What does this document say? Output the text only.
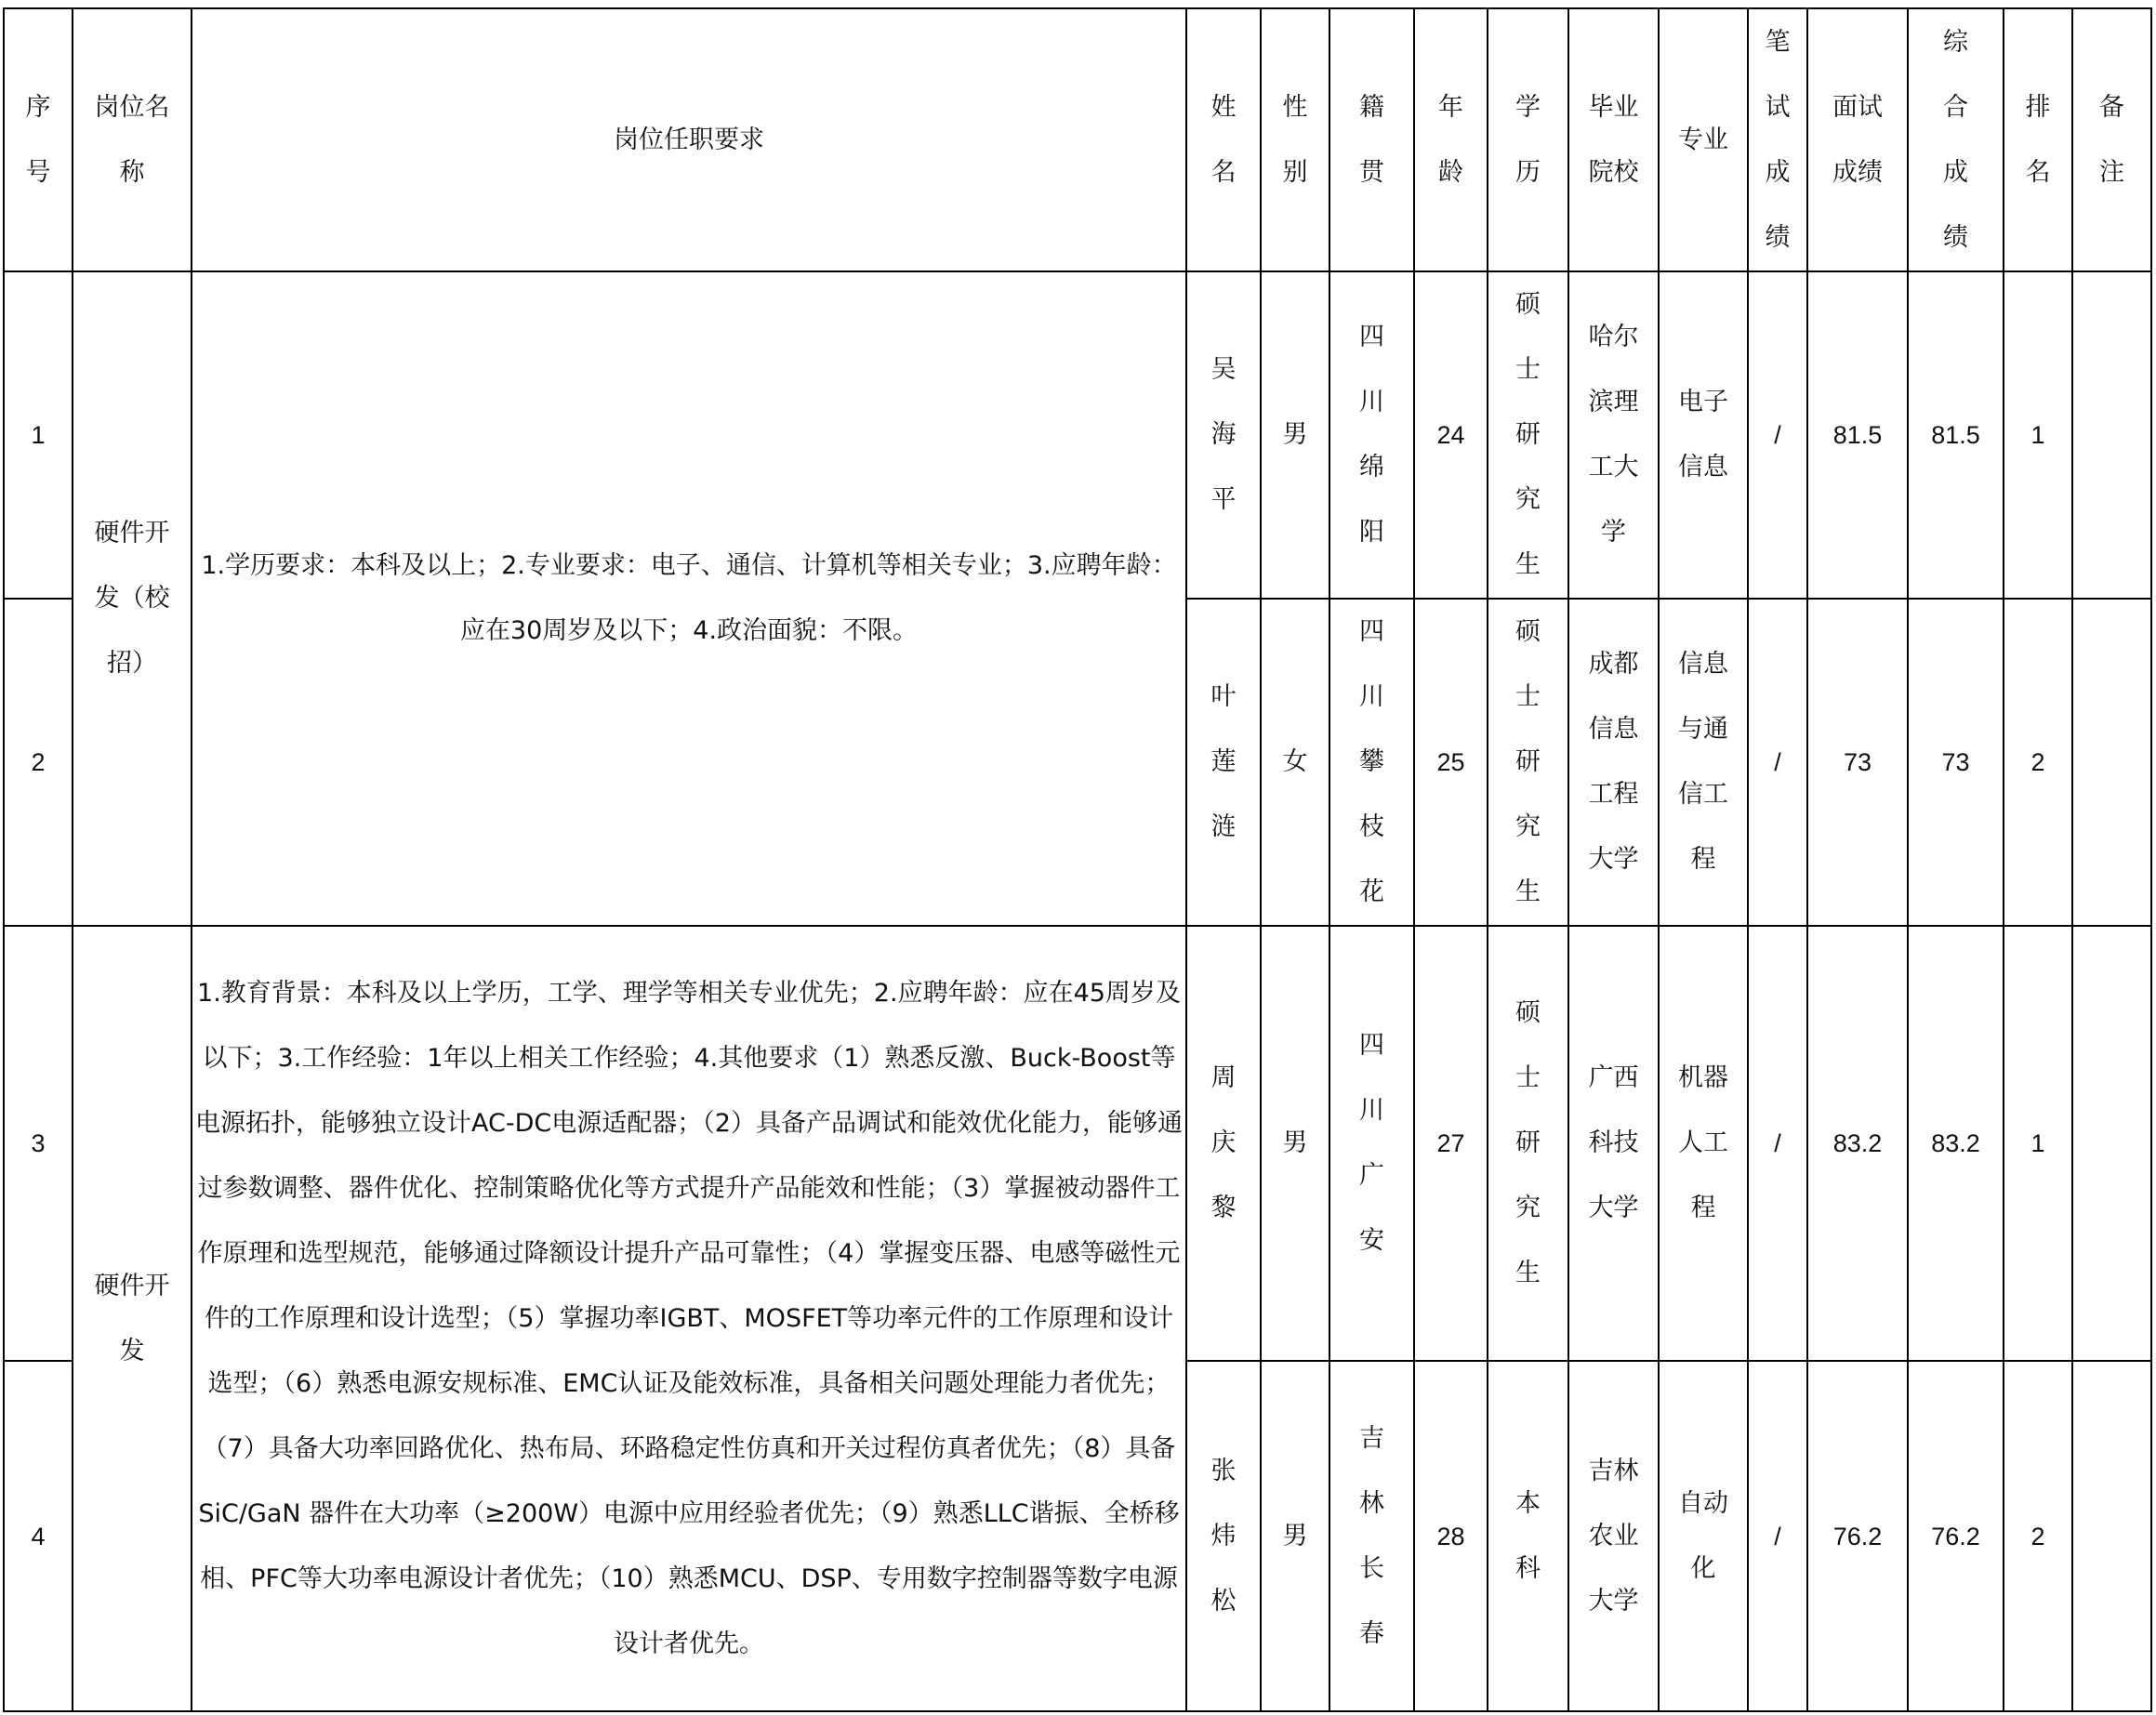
序号	岗位名称	岗位任职要求	姓名	性别	籍贯	年龄	学历	毕业院校	专业	笔试成绩	面试成绩	综合成绩	排名	备注
1	硬件开发（校招）	1.学历要求：本科及以上；2.专业要求：电子、通信、计算机等相关专业；3.应聘年龄：应在30周岁及以下；4.政治面貌：不限。	吴海平	男	四川绵阳	24	硕士研究生	哈尔滨理工大学	电子信息	/	81.5	81.5	1	
2			叶莲涟	女	四川攀枝花	25	硕士研究生	成都信息工程大学	信息与通信工程	/	73	73	2	
3	硬件开发	1.教育背景：本科及以上学历，工学、理学等相关专业优先；2.应聘年龄：应在45周岁及以下；3.工作经验：1年以上相关工作经验；4.其他要求（1）熟悉反激、Buck-Boost等电源拓扑，能够独立设计AC-DC电源适配器；（2）具备产品调试和能效优化能力，能够通过参数调整、器件优化、控制策略优化等方式提升产品能效和性能；（3）掌握被动器件工作原理和选型规范，能够通过降额设计提升产品可靠性；（4）掌握变压器、电感等磁性元件的工作原理和设计选型；（5）掌握功率IGBT、MOSFET等功率元件的工作原理和设计选型；（6）熟悉电源安规标准、EMC认证及能效标准，具备相关问题处理能力者优先；（7）具备大功率回路优化、热布局、环路稳定性仿真和开关过程仿真者优先；（8）具备SiC/GaN 器件在大功率（≥200W）电源中应用经验者优先；（9）熟悉LLC谐振、全桥移相、PFC等大功率电源设计者优先；（10）熟悉MCU、DSP、专用数字控制器等数字电源设计者优先。	周庆黎	男	四川广安	27	硕士研究生	广西科技大学	机器人工程	/	83.2	83.2	1	
4			张炜松	男	吉林长春	28	本科	吉林农业大学	自动化	/	76.2	76.2	2	
